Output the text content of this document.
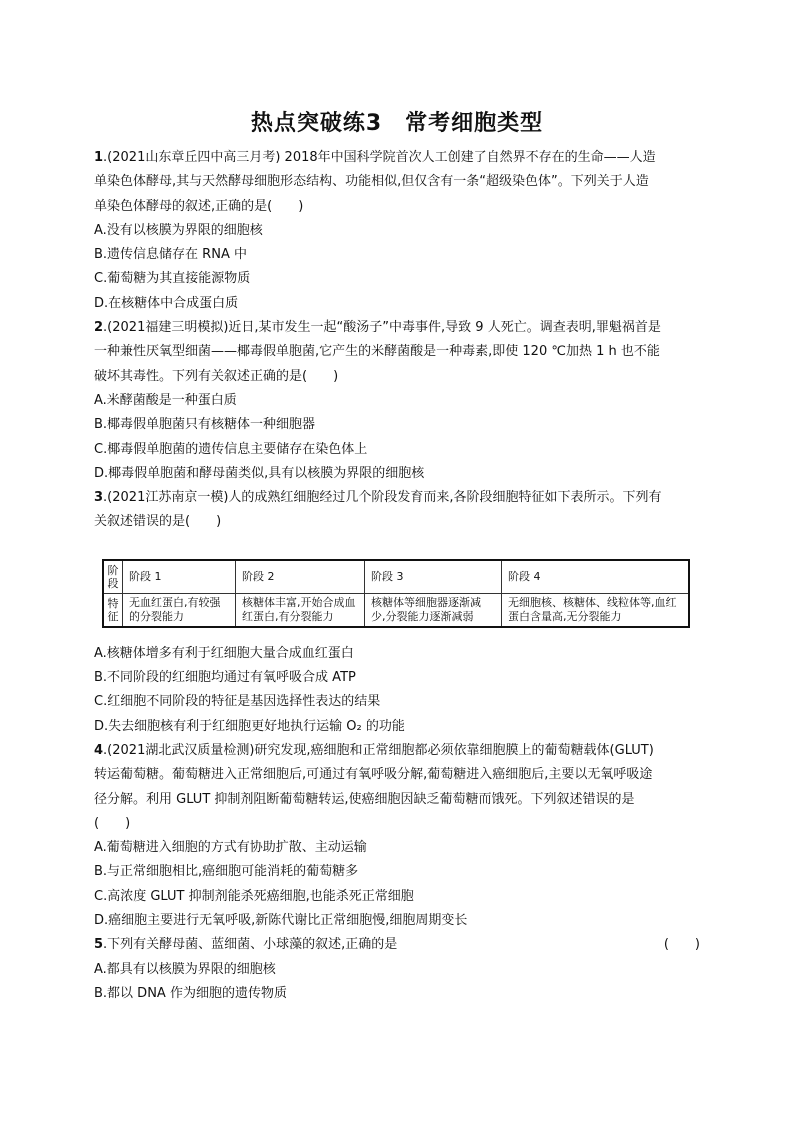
热点突破练3　常考细胞类型
1.(2021山东章丘四中高三月考) 2018年中国科学院首次人工创建了自然界不存在的生命——人造
单染色体酵母,其与天然酵母细胞形态结构、功能相似,但仅含有一条“超级染色体”。下列关于人造
单染色体酵母的叙述,正确的是(　　)
A.没有以核膜为界限的细胞核
B.遗传信息储存在 RNA 中
C.葡萄糖为其直接能源物质
D.在核糖体中合成蛋白质
2.(2021福建三明模拟)近日,某市发生一起“酸汤子”中毒事件,导致 9 人死亡。调查表明,罪魁祸首是
一种兼性厌氧型细菌——椰毒假单胞菌,它产生的米酵菌酸是一种毒素,即使 120 ℃加热 1 h 也不能
破坏其毒性。下列有关叙述正确的是(　　)
A.米酵菌酸是一种蛋白质
B.椰毒假单胞菌只有核糖体一种细胞器
C.椰毒假单胞菌的遗传信息主要储存在染色体上
D.椰毒假单胞菌和酵母菌类似,具有以核膜为界限的细胞核
3.(2021江苏南京一模)人的成熟红细胞经过几个阶段发育而来,各阶段细胞特征如下表所示。下列有
关叙述错误的是(　　)
阶段	阶段 1	阶段 2	阶段 3	阶段 4
特征	无血红蛋白,有较强的分裂能力	核糖体丰富,开始合成血红蛋白,有分裂能力	核糖体等细胞器逐渐减少,分裂能力逐渐减弱	无细胞核、核糖体、线粒体等,血红蛋白含量高,无分裂能力
A.核糖体增多有利于红细胞大量合成血红蛋白
B.不同阶段的红细胞均通过有氧呼吸合成 ATP
C.红细胞不同阶段的特征是基因选择性表达的结果
D.失去细胞核有利于红细胞更好地执行运输 O₂ 的功能
4.(2021湖北武汉质量检测)研究发现,癌细胞和正常细胞都必须依靠细胞膜上的葡萄糖载体(GLUT)
转运葡萄糖。葡萄糖进入正常细胞后,可通过有氧呼吸分解,葡萄糖进入癌细胞后,主要以无氧呼吸途
径分解。利用 GLUT 抑制剂阻断葡萄糖转运,使癌细胞因缺乏葡萄糖而饿死。下列叙述错误的是
(　　)
A.葡萄糖进入细胞的方式有协助扩散、主动运输
B.与正常细胞相比,癌细胞可能消耗的葡萄糖多
C.高浓度 GLUT 抑制剂能杀死癌细胞,也能杀死正常细胞
D.癌细胞主要进行无氧呼吸,新陈代谢比正常细胞慢,细胞周期变长
5.下列有关酵母菌、蓝细菌、小球藻的叙述,正确的是	(　　)
A.都具有以核膜为界限的细胞核
B.都以 DNA 作为细胞的遗传物质
